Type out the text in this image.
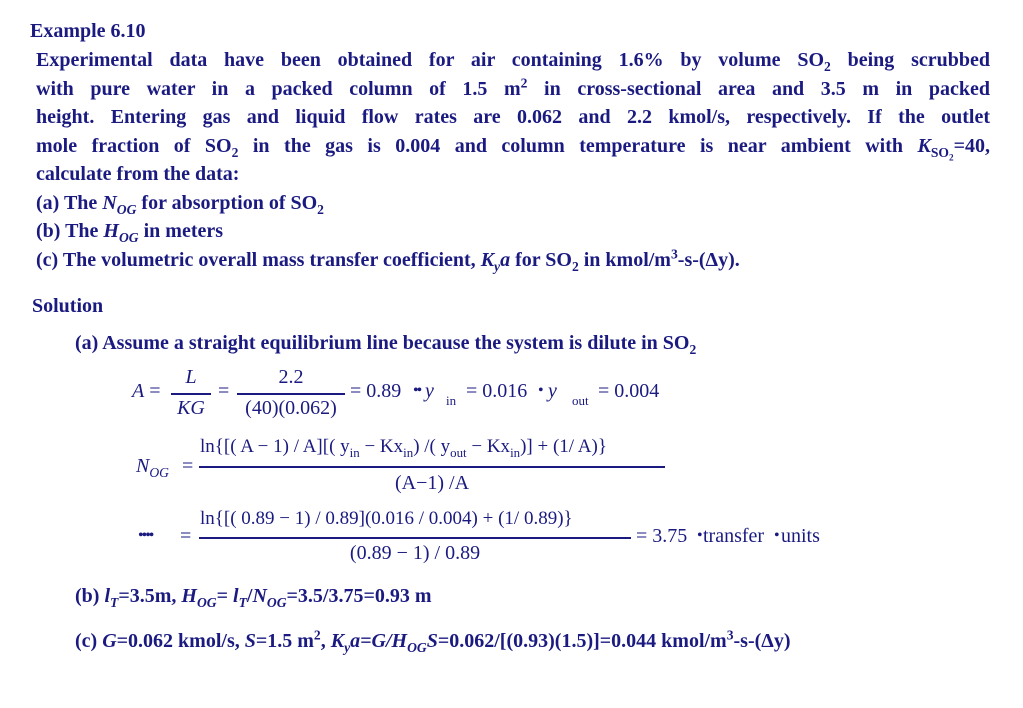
Example 6.10
Experimental data have been obtained for air containing 1.6% by volume $SO_2$ being scrubbed
with pure water in a packed column of 1.5 $m^2$ in cross-sectional area and 3.5 m in packed
height. Entering gas and liquid flow rates are 0.062 and 2.2 kmol/s, respectively. If the outlet
mole fraction of $SO_2$ in the gas is 0.004 and column temperature is near ambient with $K_{SO_2}=40$,
calculate from the data:
(a) The $N_{OG}$ for absorption of $SO_2$
(b) The $H_{OG}$ in meters
(c) The volumetric overall mass transfer coefficient, $K_ya$ for $SO_2$ in kmol/$m^3-s-(\Delta y)$.
Solution
(a) Assume a straight equilibrium line because the system is dilute in $SO_2$
A =
L
KG
=
2.2
(40)(0.062)
= 0.89 •• y in = 0.016 • y out = 0.004
$N_{OG}$ =
ln{[( A − 1) / A][( $y_{in} - Kx_{in}$) /( $y_{out} - Kx_{in})] + (1/$ A)}
(A−1) /A
•••• =
ln{[( 0.89 − 1) / 0.89](0.016 / 0.004) + (1/ 0.89)}
(0.89 − 1) / 0.89
= 3.75 • transfer • units
(b) $l_T=3.5m$, $H_{OG}= l_T/N_{OG}=3.5/3.75=0.93$ m
(c) G=0.062 kmol/s, S=1.5 $m^2$, $K_ya=G/H_{OG}S=0.062/[(0.93)(1.5)]=0.044$ kmol/$m^3-s-(\Delta y)$
